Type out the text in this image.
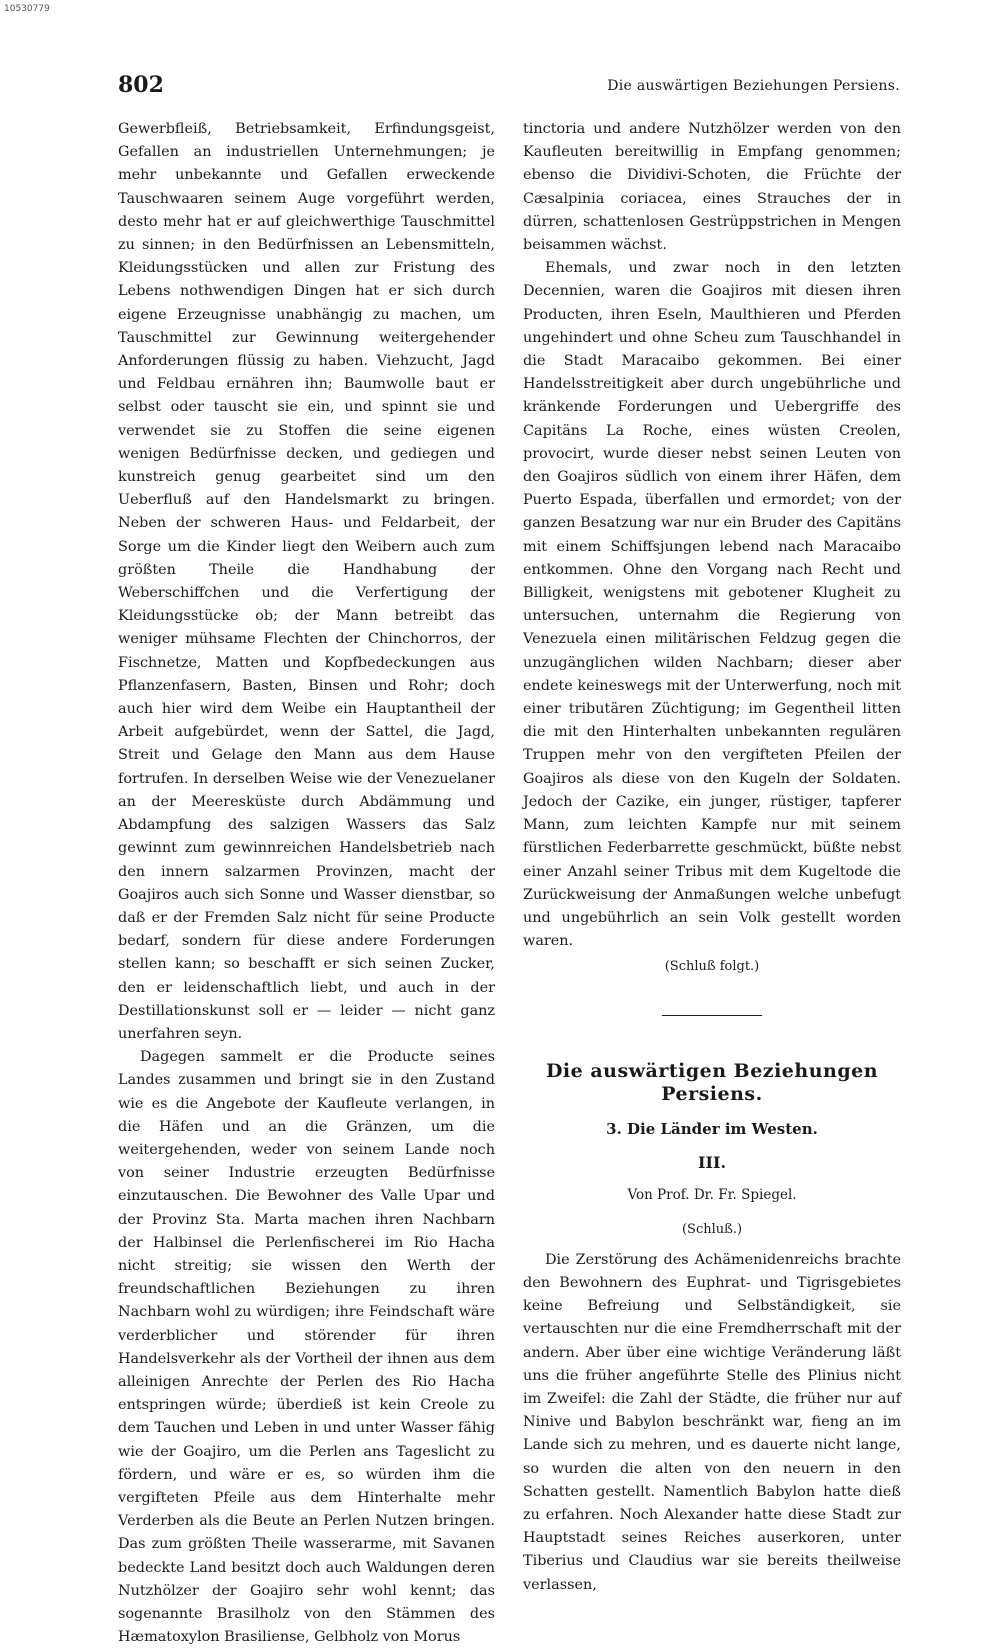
10530779
802	Die auswärtigen Beziehungen Persiens.

Gewerbfleiß, Betriebsamkeit, Erfindungsgeist, Gefallen an industriellen Unternehmungen; je mehr unbekannte und Gefallen erweckende Tauschwaaren seinem Auge vorgeführt werden, desto mehr hat er auf gleichwerthige Tauschmittel zu sinnen; in den Bedürfnissen an Lebensmitteln, Kleidungsstücken und allen zur Fristung des Lebens nothwendigen Dingen hat er sich durch eigene Erzeugnisse unabhängig zu machen, um Tauschmittel zur Gewinnung weitergehender Anforderungen flüssig zu haben. Viehzucht, Jagd und Feldbau ernähren ihn; Baumwolle baut er selbst oder tauscht sie ein, und spinnt sie und verwendet sie zu Stoffen die seine eigenen wenigen Bedürfnisse decken, und gediegen und kunstreich genug gearbeitet sind um den Ueberfluß auf den Handelsmarkt zu bringen. Neben der schweren Haus- und Feldarbeit, der Sorge um die Kinder liegt den Weibern auch zum größten Theile die Handhabung der Weberschiffchen und die Verfertigung der Kleidungsstücke ob; der Mann betreibt das weniger mühsame Flechten der Chinchorros, der Fischnetze, Matten und Kopfbedeckungen aus Pflanzenfasern, Basten, Binsen und Rohr; doch auch hier wird dem Weibe ein Hauptantheil der Arbeit aufgebürdet, wenn der Sattel, die Jagd, Streit und Gelage den Mann aus dem Hause fortrufen. In derselben Weise wie der Venezuelaner an der Meeresküste durch Abdämmung und Abdampfung des salzigen Wassers das Salz gewinnt zum gewinnreichen Handelsbetrieb nach den innern salzarmen Provinzen, macht der Goajiros auch sich Sonne und Wasser dienstbar, so daß er der Fremden Salz nicht für seine Producte bedarf, sondern für diese andere Forderungen stellen kann; so beschafft er sich seinen Zucker, den er leidenschaftlich liebt, und auch in der Destillationskunst soll er — leider — nicht ganz unerfahren seyn.

Dagegen sammelt er die Producte seines Landes zusammen und bringt sie in den Zustand wie es die Angebote der Kaufleute verlangen, in die Häfen und an die Gränzen, um die weitergehenden, weder von seinem Lande noch von seiner Industrie erzeugten Bedürfnisse einzutauschen. Die Bewohner des Valle Upar und der Provinz Sta. Marta machen ihren Nachbarn der Halbinsel die Perlenfischerei im Rio Hacha nicht streitig; sie wissen den Werth der freundschaftlichen Beziehungen zu ihren Nachbarn wohl zu würdigen; ihre Feindschaft wäre verderblicher und störender für ihren Handelsverkehr als der Vortheil der ihnen aus dem alleinigen Anrechte der Perlen des Rio Hacha entspringen würde; überdieß ist kein Creole zu dem Tauchen und Leben in und unter Wasser fähig wie der Goajiro, um die Perlen ans Tageslicht zu fördern, und wäre er es, so würden ihm die vergifteten Pfeile aus dem Hinterhalte mehr Verderben als die Beute an Perlen Nutzen bringen. Das zum größten Theile wasserarme, mit Savanen bedeckte Land besitzt doch auch Waldungen deren Nutzhölzer der Goajiro sehr wohl kennt; das sogenannte Brasilholz von den Stämmen des Hæmatoxylon Brasiliense, Gelbholz von Morus

tinctoria und andere Nutzhölzer werden von den Kaufleuten bereitwillig in Empfang genommen; ebenso die Dividivi-Schoten, die Früchte der Cæsalpinia coriacea, eines Strauches der in dürren, schattenlosen Gestrüppstrichen in Mengen beisammen wächst.

Ehemals, und zwar noch in den letzten Decennien, waren die Goajiros mit diesen ihren Producten, ihren Eseln, Maulthieren und Pferden ungehindert und ohne Scheu zum Tauschhandel in die Stadt Maracaibo gekommen. Bei einer Handelsstreitigkeit aber durch ungebührliche und kränkende Forderungen und Uebergriffe des Capitäns La Roche, eines wüsten Creolen, provocirt, wurde dieser nebst seinen Leuten von den Goajiros südlich von einem ihrer Häfen, dem Puerto Espada, überfallen und ermordet; von der ganzen Besatzung war nur ein Bruder des Capitäns mit einem Schiffsjungen lebend nach Maracaibo entkommen. Ohne den Vorgang nach Recht und Billigkeit, wenigstens mit gebotener Klugheit zu untersuchen, unternahm die Regierung von Venezuela einen militärischen Feldzug gegen die unzugänglichen wilden Nachbarn; dieser aber endete keineswegs mit der Unterwerfung, noch mit einer tributären Züchtigung; im Gegentheil litten die mit den Hinterhalten unbekannten regulären Truppen mehr von den vergifteten Pfeilen der Goajiros als diese von den Kugeln der Soldaten. Jedoch der Cazike, ein junger, rüstiger, tapferer Mann, zum leichten Kampfe nur mit seinem fürstlichen Federbarrette geschmückt, büßte nebst einer Anzahl seiner Tribus mit dem Kugeltode die Zurückweisung der Anmaßungen welche unbefugt und ungebührlich an sein Volk gestellt worden waren.

(Schluß folgt.)
Die auswärtigen Beziehungen Persiens.
3. Die Länder im Westen.
III.
Von Prof. Dr. Fr. Spiegel.
(Schluß.)

Die Zerstörung des Achämenidenreichs brachte den Bewohnern des Euphrat- und Tigrisgebietes keine Befreiung und Selbständigkeit, sie vertauschten nur die eine Fremdherrschaft mit der andern. Aber über eine wichtige Veränderung läßt uns die früher angeführte Stelle des Plinius nicht im Zweifel: die Zahl der Städte, die früher nur auf Ninive und Babylon beschränkt war, fieng an im Lande sich zu mehren, und es dauerte nicht lange, so wurden die alten von den neuern in den Schatten gestellt. Namentlich Babylon hatte dieß zu erfahren. Noch Alexander hatte diese Stadt zur Hauptstadt seines Reiches auserkoren, unter Tiberius und Claudius war sie bereits theilweise verlassen,
